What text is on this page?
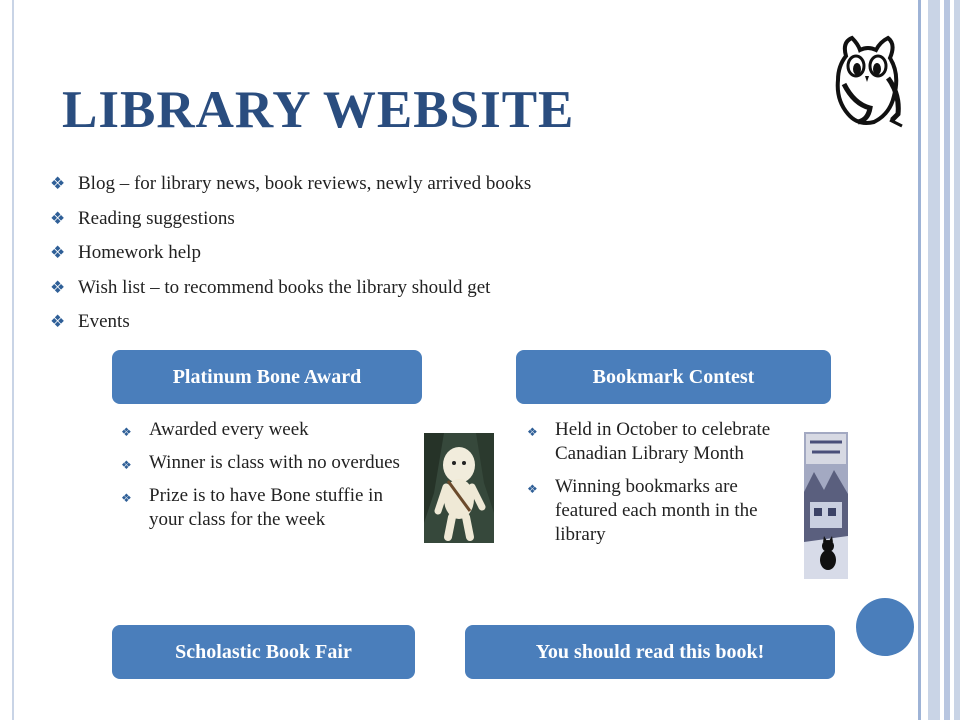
LIBRARY WEBSITE
❖ Blog – for library news, book reviews, newly arrived books
❖ Reading suggestions
❖ Homework help
❖ Wish list – to recommend books the library should get
❖ Events
Platinum Bone Award	Bookmark Contest
❖ Awarded every week
❖ Winner is class with no overdues
❖ Prize is to have Bone stuffie in your class for the week
❖ Held in October to celebrate Canadian Library Month
❖ Winning bookmarks are featured each month in the library
Scholastic Book Fair	You should read this book!
